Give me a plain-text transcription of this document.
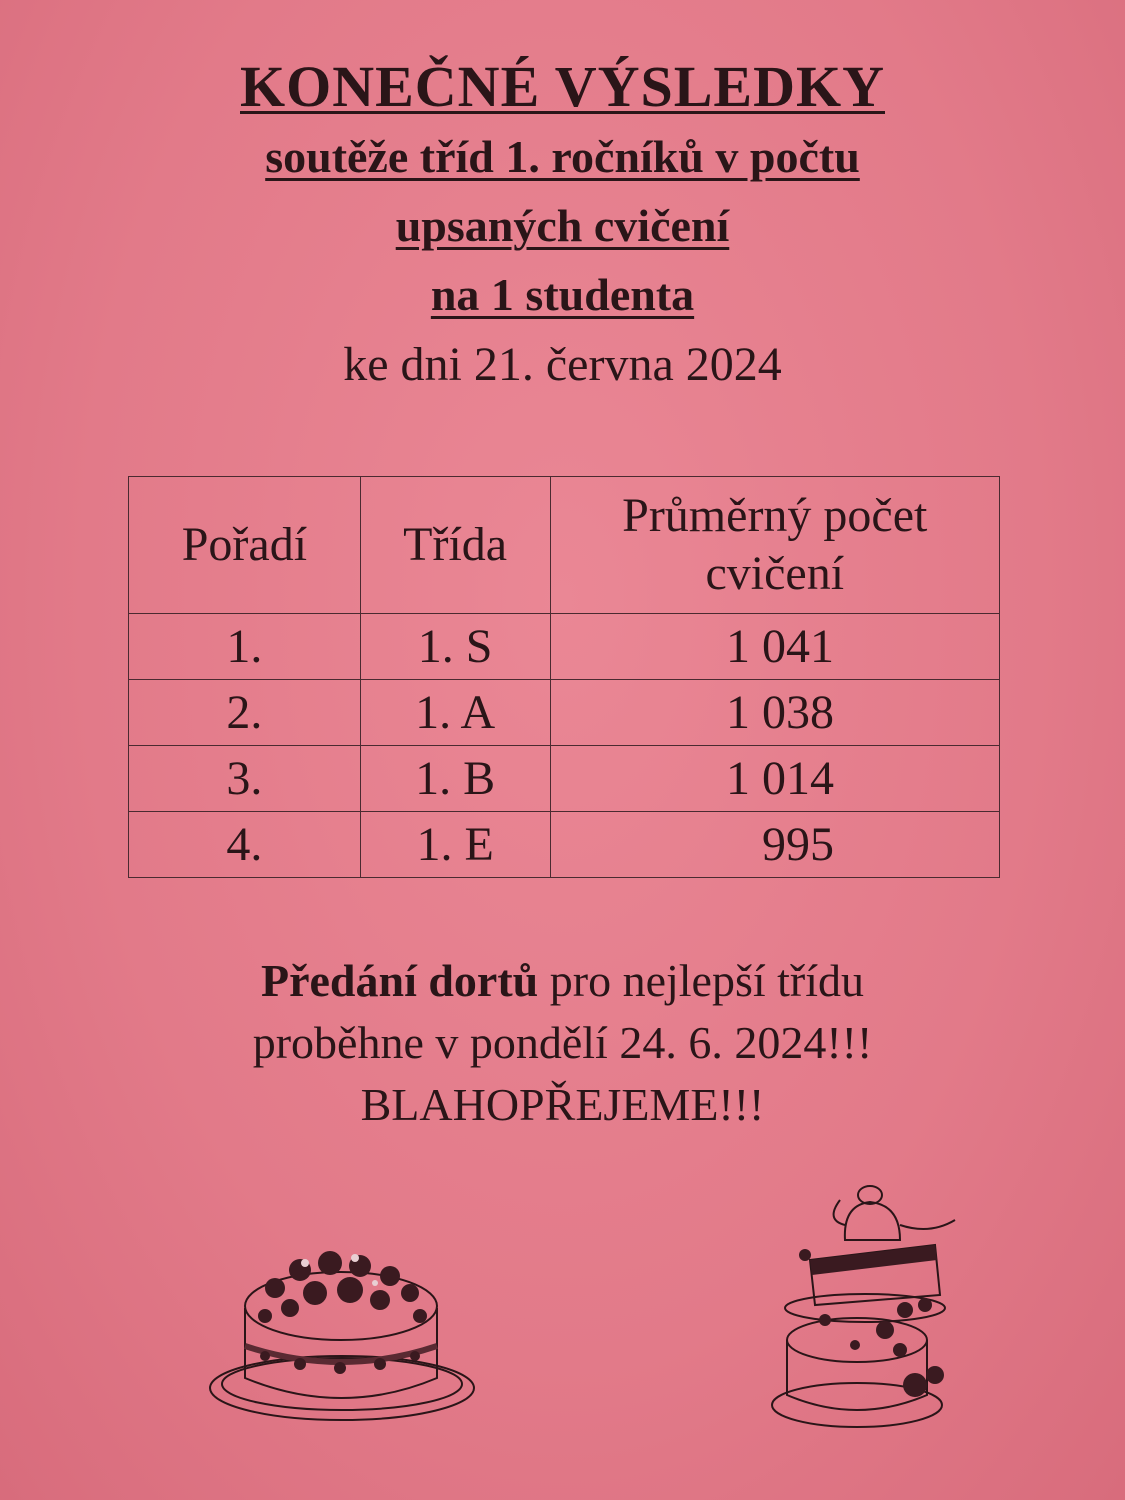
KONEČNÉ VÝSLEDKY
soutěže tříd 1. ročníků v počtu
upsaných cvičení
na 1 studenta
ke dni 21. června 2024
Pořadí	Třída	Průměrný počet cvičení
1.	1. S	1 041
2.	1. A	1 038
3.	1. B	1 014
4.	1. E	995
Předání dortů pro nejlepší třídu
proběhne v pondělí 24. 6. 2024!!!
BLAHOPŘEJEME!!!
